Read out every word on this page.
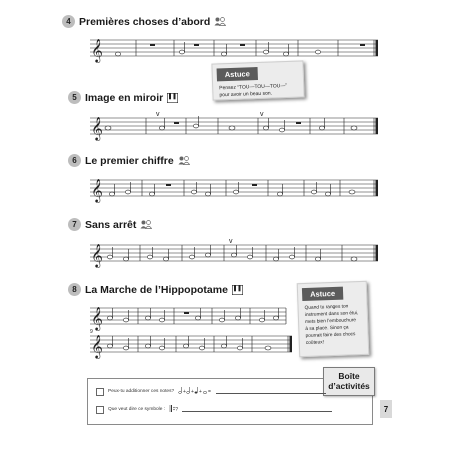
4 Premières choses d’abord
𝄞
Astuce
Pensez “TOU—TOU—TOU—”
pour avoir un beau son.
5 Image en miroir
𝄞
v	v
6 Le premier chiffre
𝄞
7 Sans arrêt
𝄞
v
8 La Marche de l’Hippopotame
𝄞
9
𝄞
Astuce
Quand tu ranges ton
instrument dans son étui,
mets bien l’embouchure
à sa place. Sinon ça
pourrait faire des chocs
coûteux!
Boîte
d’activités
Peux-tu additionner ces notes? + + + =
Que veut dire ce symbole : ?	7
